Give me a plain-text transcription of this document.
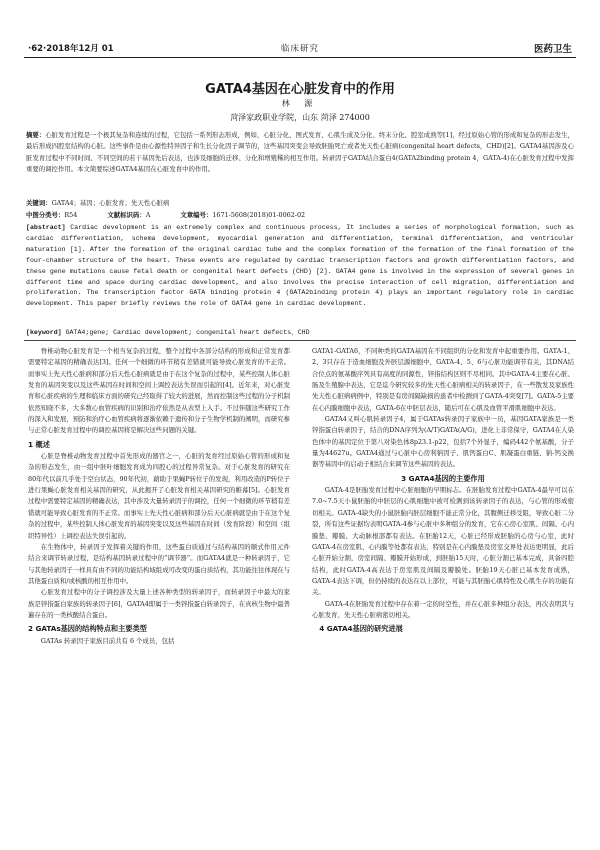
·62·2018年12月 01	临床研究	医药卫生
GATA4基因在心脏发育中的作用
林 源
菏泽家政职业学院，山东 菏泽 274000
摘要：心脏发育过程是一个极其复杂和连续的过程，它包括一系列形态形成，例如，心脏分化、图式发育、心肌生成及分化、终末分化、腔室成熟等[1]，经过原始心管的形成和复杂的形态发生，最后形成四腔室结构的心脏。这些事件是由心源性特异因子和生长分化因子调节的，这些基因突变会导致胚胎死亡或者先天性心脏病(congenital heart defects，CHD)[2]。GATA4基因涉及心脏发育过程中不同时间、不同空间的若干基因先后表达，也涉及细胞的迁移、分化和增殖稀的相互作用。转录因子GATA结合蛋白4(GATA2binding protein 4，GATA-4)在心脏发育过程中发挥重要的调控作用。本文简要综述GATA4基因在心脏发育中的作用。
关键词：GATA4；基因；心脏发育；先天性心脏病
中图分类号：R54	文献标识码：A	文章编号：1671-5608(2018)01-0062-02
[abstract] Cardiac development is an extremely complex and continuous process, It includes a series of morphological formation, such as cardiac differentiation, schema development, myocardial generation and differentiation, terminal differentiation, and ventricular maturation [1]. After the formation of the original cardiac tube and the complex formation of the formation of the final formation of the four-chamber structure of the heart. These events are regulated by cardiac transcription factors and growth differentiation factors, and these gene mutations cause fetal death or congenital heart defects (CHD) [2]. GATA4 gene is involved in the expression of several genes in different time and space during cardiac development, and also involves the precise interaction of cell migration, differentiation and proliferation. The transcription factor GATA binding protein 4 (GATA2binding protein 4) plays an important regulatory role in cardiac development. This paper briefly reviews the role of GATA4 gene in cardiac development.
[keyword] GATA4;gene; Cardiac development; congenital heart defects，CHD

脊椎动物心脏发育是一个相当复杂的过程，整个过程中各部分结构的形成和正常发育都需要特定基因的精确表达[3]。任何一个细微的环节稍有差错就可能导致心脏发育的不正常。而事实上先天性心脏病和部分后天性心脏病就是由于在这个复杂的过程中，某些控制人体心脏发育的基因突变以及这些基因在时间和空间上调控表达失误而引起的[4]。近年来，对心脏发育和心脏疾病的生理和临床方面的研究已经取得了较大的进展，然而控制这些过程的分子机制依然知晓不多，大多数心血管疾病的识别和治疗依然是从表型上入手。不过伴随这些研究工作的深入和发展，预防和治疗心血管疾病将逐渐依赖于遗传和分子生物学机制的阐明，而研究参与正常心脏发育过程中的调控基因将是解决这些问题的关键。

1 概述

心脏是脊椎动物发育过程中首先形成的器官之一，心脏的发育经过原始心管的形成和复杂的形态发生，由一组中胚叶细胞发育成为四腔心的过程异常复杂。对于心脏发育的研究在80年代以前几乎处于空白状态，90年代初，藉助于果蝇P转位子的发现，利用改造的P转位子进行果蝇心脏发育相关基因的研究，从此揭开了心脏发育相关基因研究的帷幕[5]。心脏发育过程中需要特定基因的精确表达，其中涉及大量转录因子的调控，任何一个细微的环节稍有差错就可能导致心脏发育的不正常。而事实上先天性心脏病和部分后天心脏病就是由于在这个复杂的过程中，某些控制人体心脏发育的基因突变以及这些基因在时间（发育阶段）和空间（组织特异性）上调控表达失误引起的。

在生物体中，转录因子发挥着关键的作用，这些蛋白质通过与结构基因的顺式作用元件结合来调节转录过程，是结构基因转录过程中的“调节器”。而GATA4就是一种转录因子，它与其他转录因子一样具有由不同的功能结构域组成可改变的蛋白质结构，其功能往往体现在与其他蛋白质和/或核酸的相互作用中。

心脏发育过程中的分子调控涉及大量上述各种类型的转录因子，而转录因子中最大的家族是锌指蛋白家族的转录因子[6]，GATA4即属于一类锌指蛋白转录因子，在真核生物中最普遍存在的一类核酸结合蛋白。

2 GATAs基因的结构特点和主要类型

GATAs 转录因子家族目前共有 6 个成员，包括

GATA1-GATA6，不同种类的GATA基因在不同组织的分化和发育中起重要作用。GATA-1、2、3只存在于造血细胞及外胚层源细胞中，GATA-4、5、6与心脏功能调节有关，其DNA结合位点的氨基酸序列具有高度的同源性，锌指结构区则不尽相同。其中GATA-4主要在心脏、肠及生殖腺中表达，它是迄今研究较多的先天性心脏病相关的转录因子，在一些散发及家族性先天性心脏病病例中，特别是有房间隔缺损的患者中检测到了GATA-4突变[7]。GATA-5主要在心内膜细胞中表达，GATA-6在中胚层表达，随后可在心肌及血管平滑肌细胞中表达。

GATA4又叫心肌转录因子4，属于GATAs转录因子家族中一员，基因GATA家族是一类锌指蛋白转录因子，结合的DNA序列为(A/T)GATA(A/G)，进化上非常保守，GATA4在人染色体中的基因定位于第八对染色体8p23.1-p22，包括7个外显子，编码442个氨基酸，分子量为44627u。GATA4通过与心脏中心房利钠因子、肌钙蛋白C、肌凝蛋白重链、钠-钙交换器等基因中的启动子相结合来调节这些基因的表达。

3 GATA4基因的主要作用

GATA-4是胚胎发育过程中心脏细胞的早期标志。在胚胎发育过程中GATA-4最早可以在7.0~7.5天小鼠胚胎的中胚层的心肌细胞中被可检测到该转录因子的表达，与心管的形成密切相关。GATA-4缺失的小鼠胚胎内胚层细胞不能正常分化，其腹侧迁移受阻，导致心脏二分裂，所有这些证据均表明GATA-4参与心脏中多种组分的发育，它在心房心室肌、间隔、心内膜垫、瓣膜、大动脉根部都有表达。在胚胎12天，心脏已经形成胚胎的心房与心室，此时GATA-4在房室肌、心内膜等处都有表达，特别是在心内膜垫及房室交界处表达更明显，此后心脏开始分割，房室间隔、瓣膜开始形成，到胚胎15天时，心脏分割已基本完成，具备四腔结构，此时GATA-4高表达于房室肌及间隔及瓣膜处。胚胎19天心脏已基本发育成熟，GATA-4表达下调，但仍持续的表达在以上部位，可能与其胚胎心肌特性及心肌生存的功能有关。

GATA-4在胚胎发育过程中存在着一定的时空性，并在心脏多种组分表达，再次表明其与心脏发育、先天性心脏病密切相关。

4 GATA4基因的研究进展
